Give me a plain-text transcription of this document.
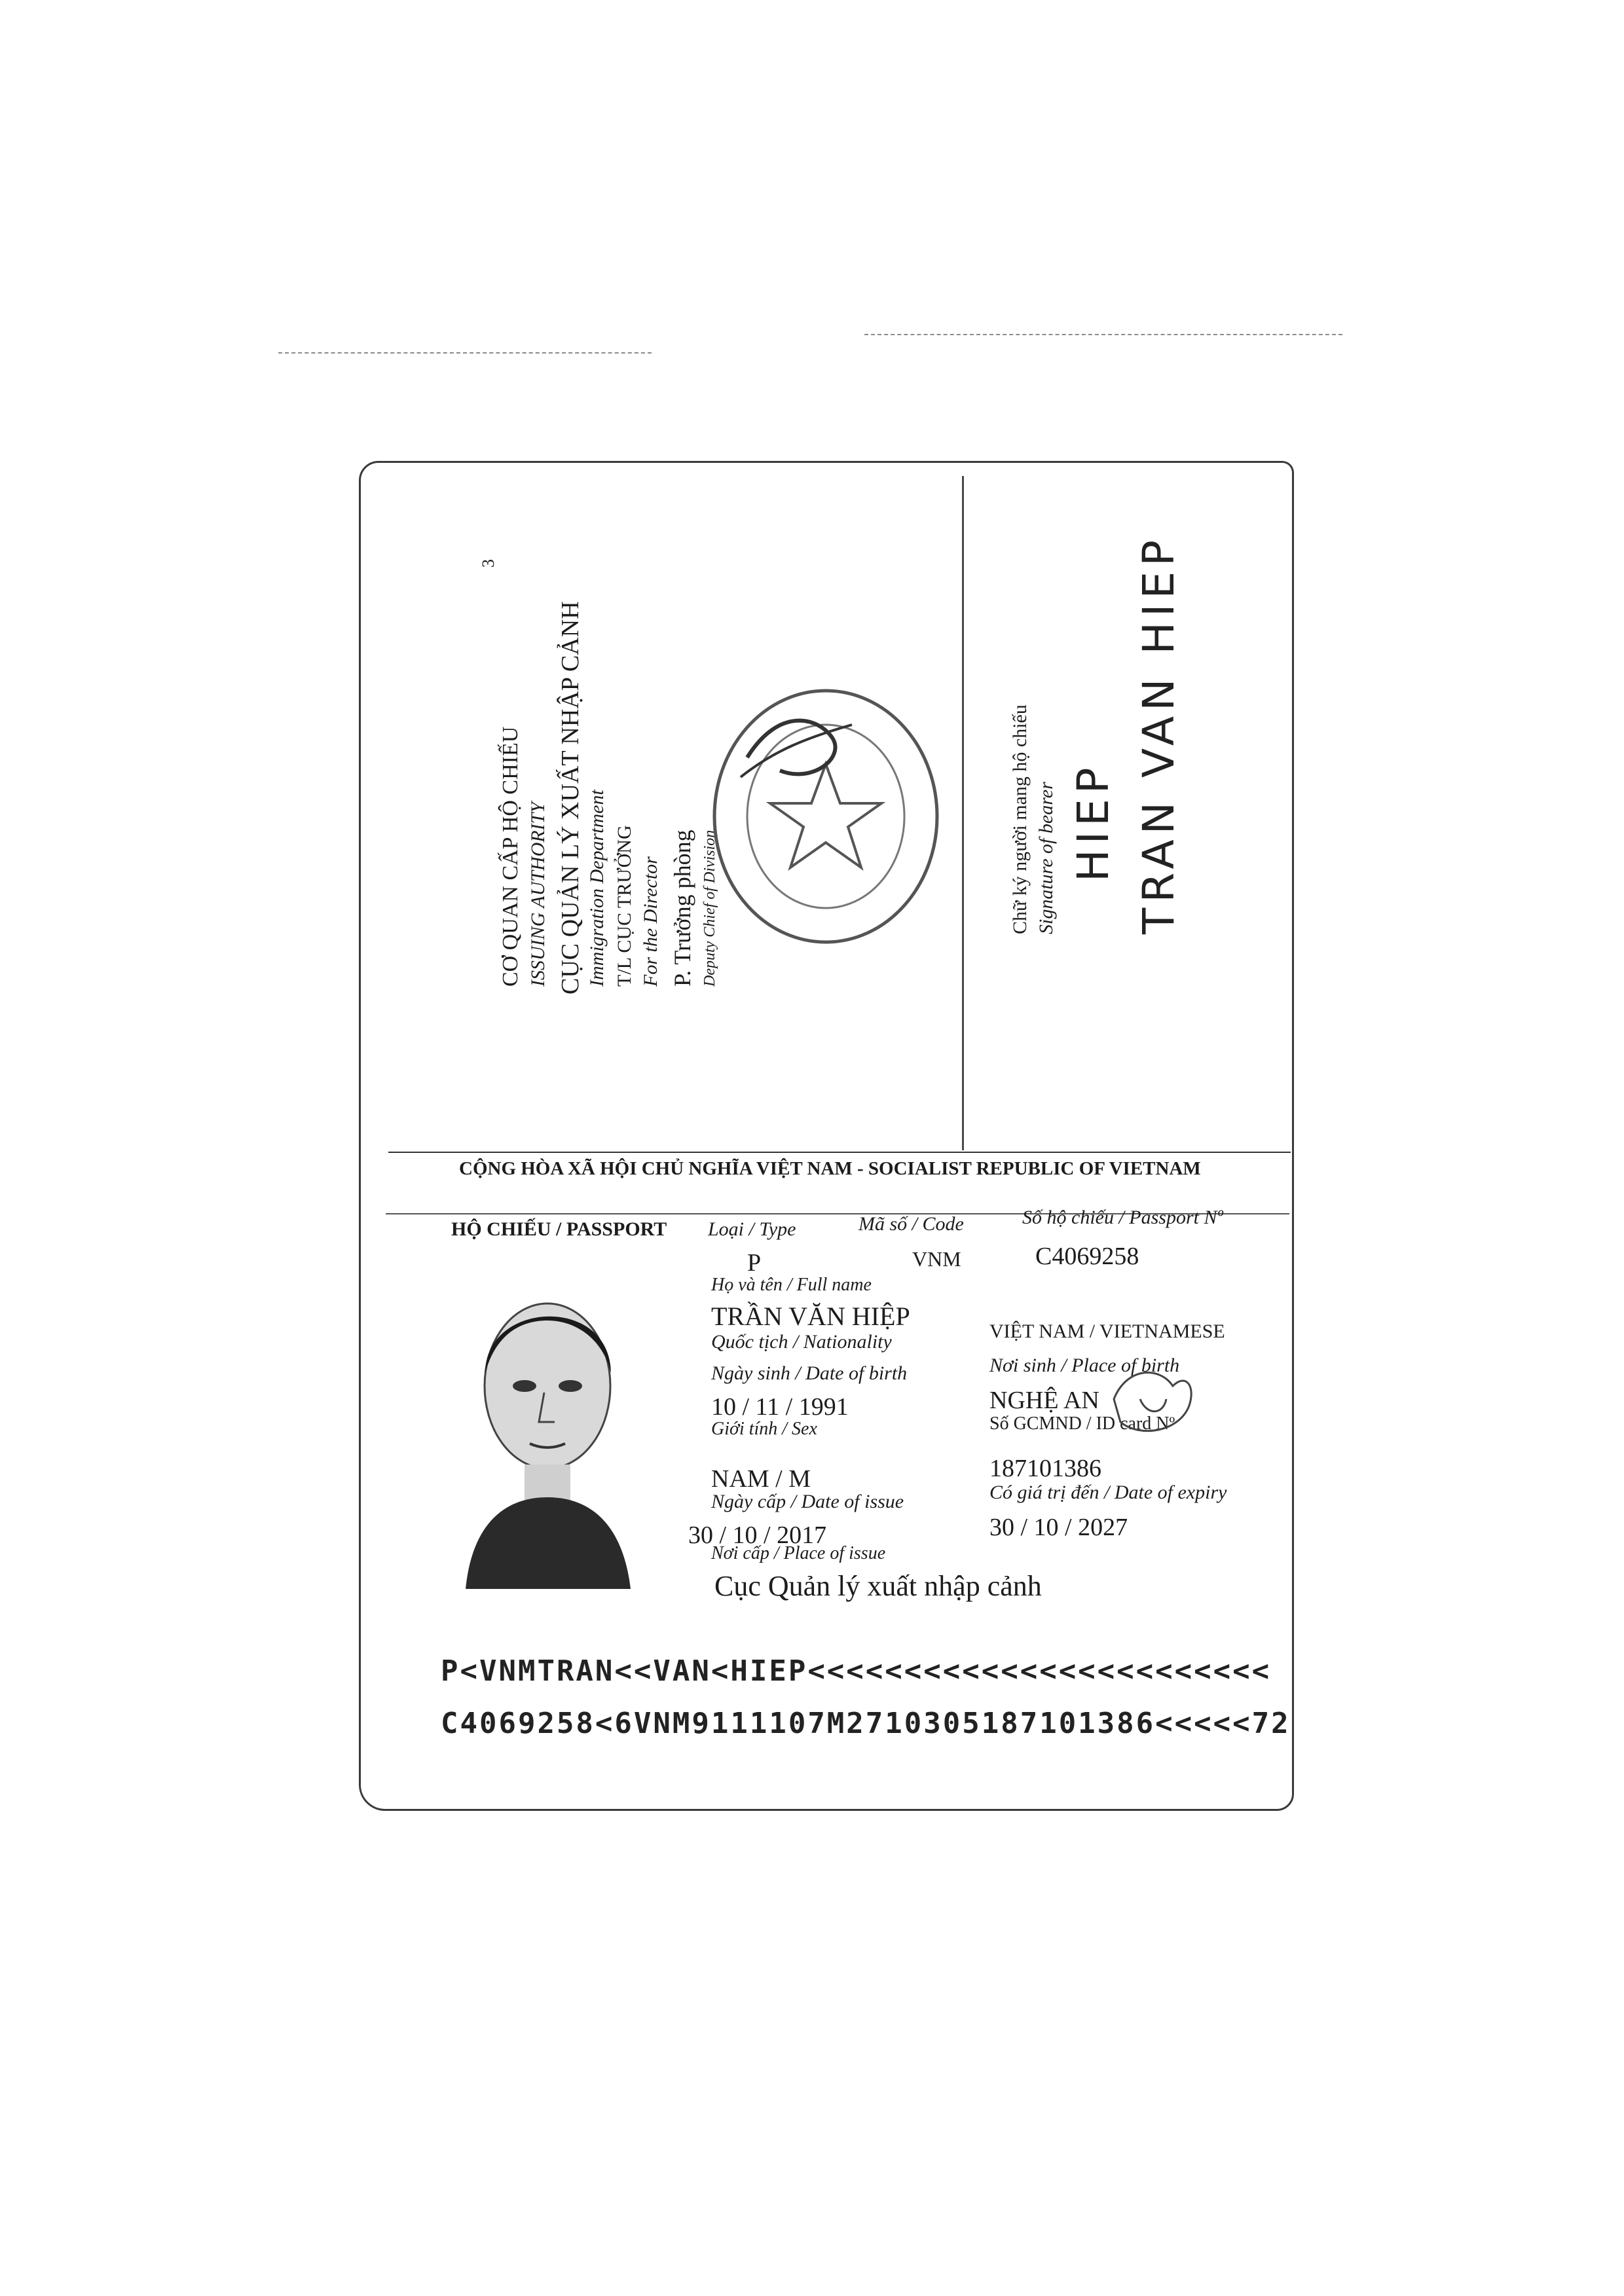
3
CƠ QUAN CẤP HỘ CHIẾU ISSUING AUTHORITY CỤC QUẢN LÝ XUẤT NHẬP CẢNH Immigration Department T/L CỤC TRƯỞNG For the Director P. Trưởng phòng Deputy Chief of Division	Chữ ký người mang hộ chiếu Signature of bearer HIEP TRAN VAN HIEP
CỘNG HÒA XÃ HỘI CHỦ NGHĨA VIỆT NAM - SOCIALIST REPUBLIC OF VIETNAM
HỘ CHIẾU / PASSPORT Loại / Type
P
Mã số / Code
VNM
Số hộ chiếu / Passport Nº
C4069258
Họ và tên / Full name
TRẦN VĂN HIỆP
Quốc tịch / Nationality	VIỆT NAM / VIETNAMESE
Ngày sinh / Date of birth	Nơi sinh / Place of birth
10 / 11 / 1991	NGHỆ AN
Giới tính / Sex	Số GCMND / ID card Nº
NAM / M	187101386
Ngày cấp / Date of issue	Có giá trị đến / Date of expiry
30 / 10 / 2017	30 / 10 / 2027
Nơi cấp / Place of issue
Cục Quản lý xuất nhập cảnh
P<VNMTRAN<<VAN<HIEP<<<<<<<<<<<<<<<<<<<<<<<<
C4069258<6VNM9111107M2710305187101386<<<<<72
